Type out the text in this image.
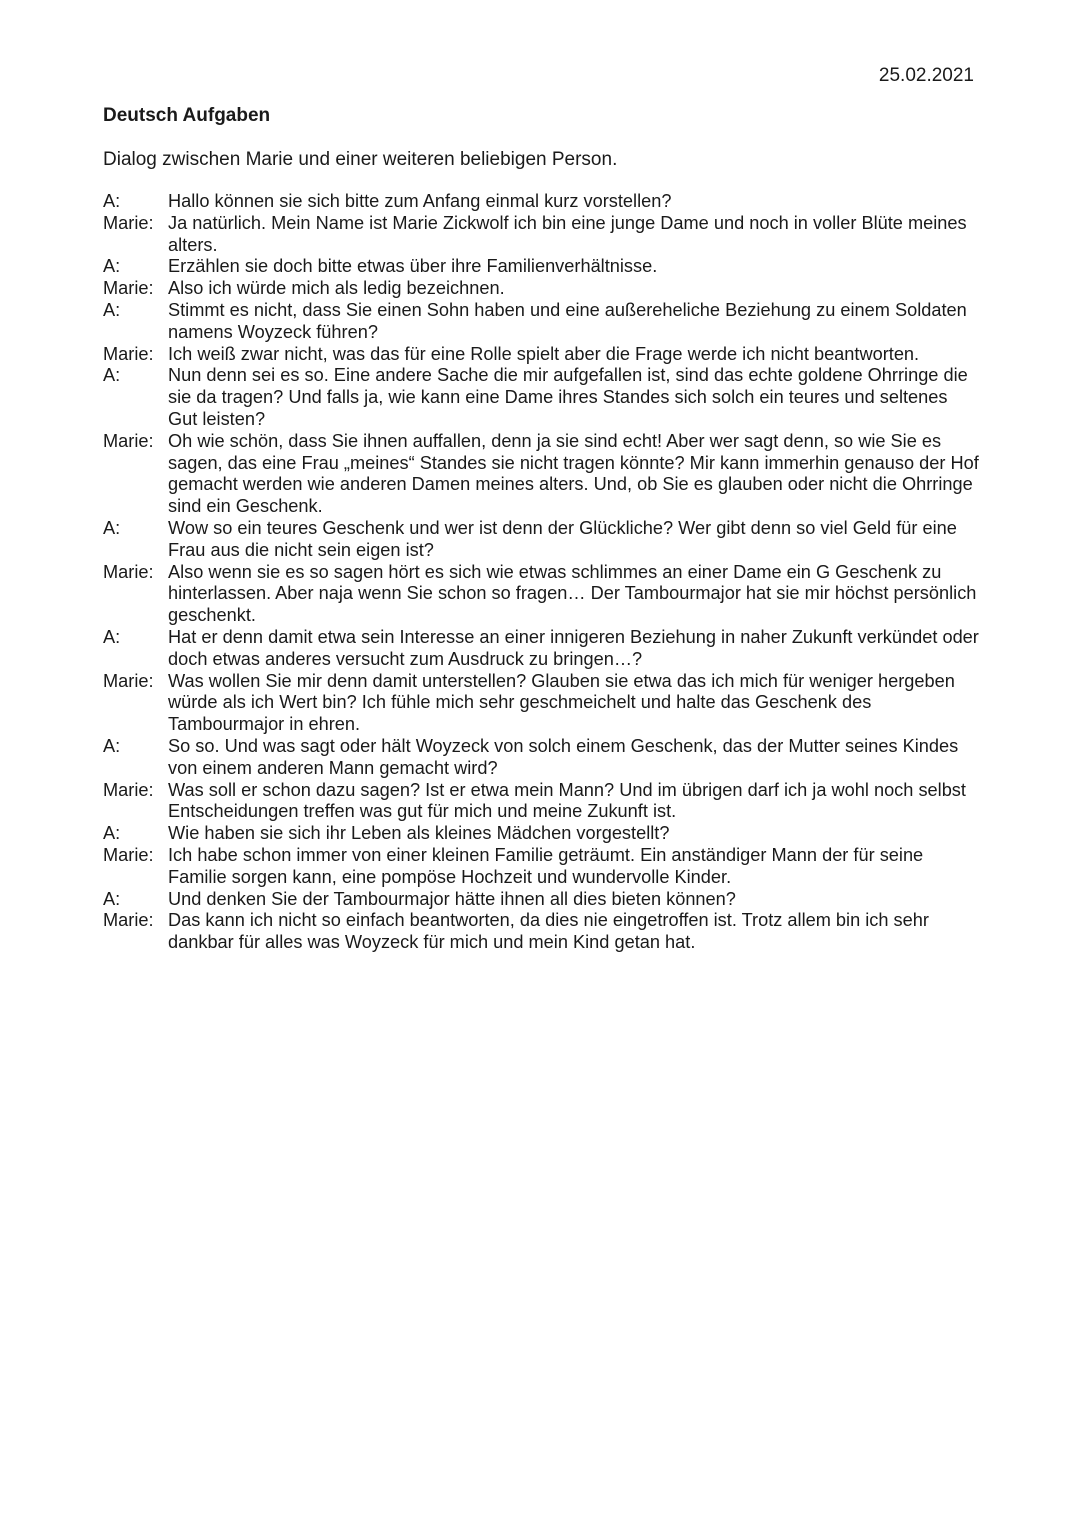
25.02.2021
Deutsch Aufgaben
Dialog zwischen Marie und einer weiteren beliebigen Person.
A:	Hallo können sie sich bitte zum Anfang einmal kurz vorstellen?
Marie: Ja natürlich. Mein Name ist Marie Zickwolf ich bin eine junge Dame und noch in voller Blüte meines alters.
A:	Erzählen sie doch bitte etwas über ihre Familienverhältnisse.
Marie: Also ich würde mich als ledig bezeichnen.
A:	Stimmt es nicht, dass Sie einen Sohn haben und eine außereheliche Beziehung zu einem Soldaten namens Woyzeck führen?
Marie: Ich weiß zwar nicht, was das für eine Rolle spielt aber die Frage werde ich nicht beantworten.
A:	Nun denn sei es so. Eine andere Sache die mir aufgefallen ist, sind das echte goldene Ohrringe die sie da tragen? Und falls ja, wie kann eine Dame ihres Standes sich solch ein teures und seltenes Gut leisten?
Marie: Oh wie schön, dass Sie ihnen auffallen, denn ja sie sind echt! Aber wer sagt denn, so wie Sie es sagen, das eine Frau „meines“ Standes sie nicht tragen könnte? Mir kann immerhin genauso der Hof gemacht werden wie anderen Damen meines alters. Und, ob Sie es glauben oder nicht die Ohrringe sind ein Geschenk.
A:	Wow so ein teures Geschenk und wer ist denn der Glückliche? Wer gibt denn so viel Geld für eine Frau aus die nicht sein eigen ist?
Marie: Also wenn sie es so sagen hört es sich wie etwas schlimmes an einer Dame ein G Geschenk zu hinterlassen. Aber naja wenn Sie schon so fragen… Der Tambourmajor hat sie mir höchst persönlich geschenkt.
A:	Hat er denn damit etwa sein Interesse an einer innigeren Beziehung in naher Zukunft verkündet oder doch etwas anderes versucht zum Ausdruck zu bringen…?
Marie: Was wollen Sie mir denn damit unterstellen? Glauben sie etwa das ich mich für weniger hergeben würde als ich Wert bin? Ich fühle mich sehr geschmeichelt und halte das Geschenk des Tambourmajor in ehren.
A:	So so. Und was sagt oder hält Woyzeck von solch einem Geschenk, das der Mutter seines Kindes von einem anderen Mann gemacht wird?
Marie: Was soll er schon dazu sagen? Ist er etwa mein Mann? Und im übrigen darf ich ja wohl noch selbst Entscheidungen treffen was gut für mich und meine Zukunft ist.
A:	Wie haben sie sich ihr Leben als kleines Mädchen vorgestellt?
Marie: Ich habe schon immer von einer kleinen Familie geträumt. Ein anständiger Mann der für seine Familie sorgen kann, eine pompöse Hochzeit und wundervolle Kinder.
A:	Und denken Sie der Tambourmajor hätte ihnen all dies bieten können?
Marie: Das kann ich nicht so einfach beantworten, da dies nie eingetroffen ist. Trotz allem bin ich sehr dankbar für alles was Woyzeck für mich und mein Kind getan hat.
